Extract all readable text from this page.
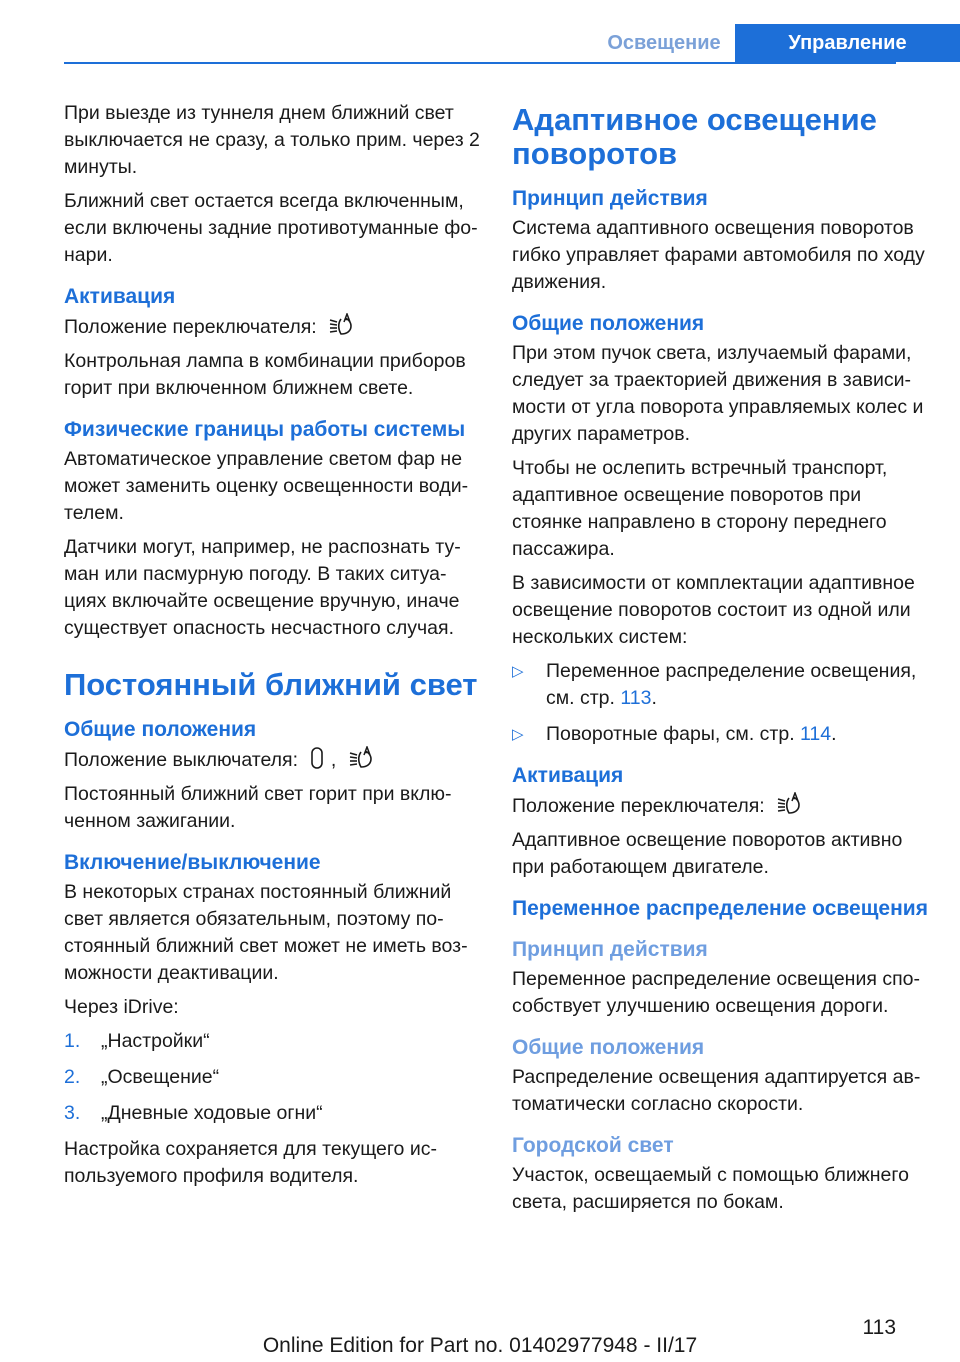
Освещение	Управление

При выезде из туннеля днем ближний свет выключается не сразу, а только прим. через 2 минуты.

Ближний свет остается всегда включенным, если включены задние противотуманные фо‐нари.

Активация

Положение переключателя:

Контрольная лампа в комбинации приборов горит при включенном ближнем свете.

Физические границы работы системы

Автоматическое управление светом фар не может заменить оценку освещенности води‐телем.

Датчики могут, например, не распознать ту‐ман или пасмурную погоду. В таких ситуа‐циях включайте освещение вручную, иначе существует опасность несчастного случая.

Постоянный ближний свет
Общие положения

Положение выключателя: ,

Постоянный ближний свет горит при вклю‐ченном зажигании.

Включение/выключение

В некоторых странах постоянный ближний свет является обязательным, поэтому по‐стоянный ближний свет может не иметь воз‐можности деактивации.

Через iDrive:

1.	„Настройки“
2.	„Освещение“
3.	„Дневные ходовые огни“

Настройка сохраняется для текущего ис‐пользуемого профиля водителя.

Адаптивное освещение поворотов
Принцип действия

Система адаптивного освещения поворотов гибко управляет фарами автомобиля по ходу движения.

Общие положения

При этом пучок света, излучаемый фарами, следует за траекторией движения в зависи‐мости от угла поворота управляемых колес и других параметров.

Чтобы не ослепить встречный транспорт, адаптивное освещение поворотов при стоянке направлено в сторону переднего пассажира.

В зависимости от комплектации адаптивное освещение поворотов состоит из одной или нескольких систем:

▷	Переменное распределение освещения, см. стр. 113.
▷	Поворотные фары, см. стр. 114.
Активация

Положение переключателя:

Адаптивное освещение поворотов активно при работающем двигателе.

Переменное распределение освещения
Принцип действия

Переменное распределение освещения спо‐собствует улучшению освещения дороги.

Общие положения

Распределение освещения адаптируется ав‐томатически согласно скорости.

Городской свет

Участок, освещаемый с помощью ближнего света, расширяется по бокам.

113
Online Edition for Part no. 01402977948 - II/17
